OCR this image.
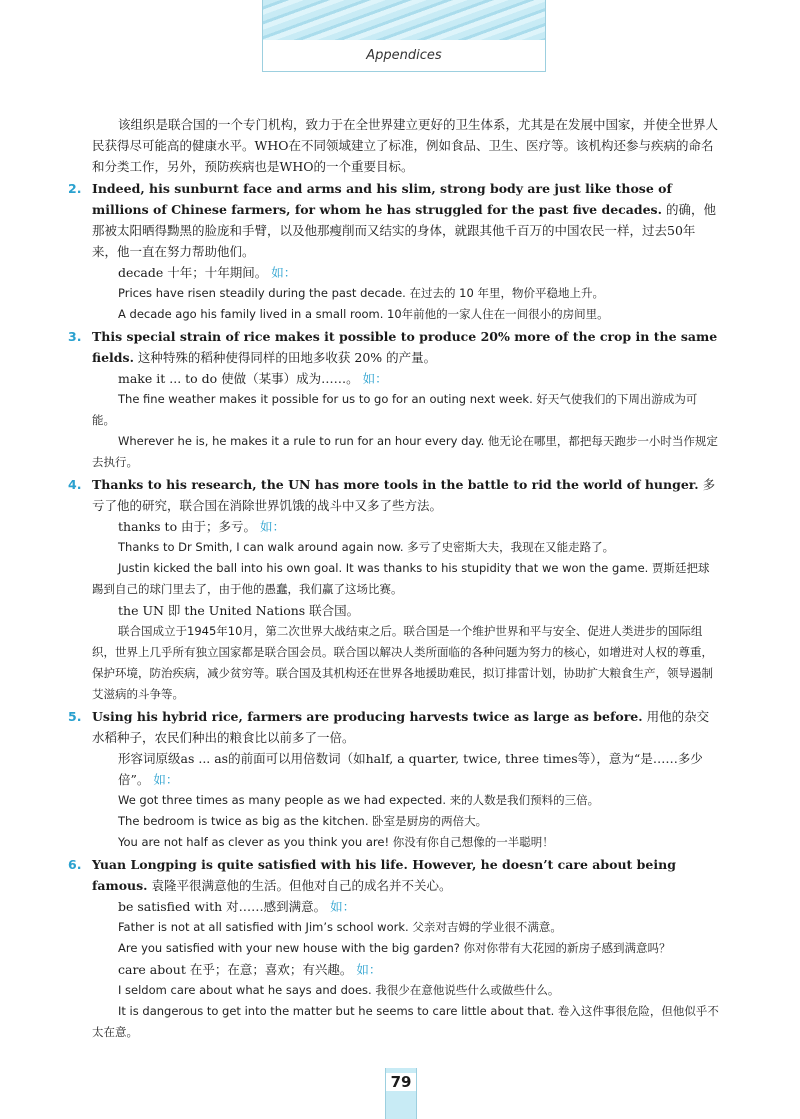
Appendices

该组织是联合国的一个专门机构，致力于在全世界建立更好的卫生体系，尤其是在发展中国家，并使全世界人民获得尽可能高的健康水平。WHO在不同领域建立了标准，例如食品、卫生、医疗等。该机构还参与疾病的命名和分类工作，另外，预防疾病也是WHO的一个重要目标。

2. Indeed, his sunburnt face and arms and his slim, strong body are just like those of millions of Chinese farmers, for whom he has struggled for the past five decades. 的确，他那被太阳晒得黝黑的脸庞和手臂，以及他那瘦削而又结实的身体，就跟其他千百万的中国农民一样，过去50年来，他一直在努力帮助他们。

decade 十年；十年期间。 如：

Prices have risen steadily during the past decade. 在过去的 10 年里，物价平稳地上升。

A decade ago his family lived in a small room. 10年前他的一家人住在一间很小的房间里。

3. This special strain of rice makes it possible to produce 20% more of the crop in the same fields. 这种特殊的稻种使得同样的田地多收获 20% 的产量。

make it ... to do 使做（某事）成为……。 如：

The fine weather makes it possible for us to go for an outing next week. 好天气使我们的下周出游成为可能。

Wherever he is, he makes it a rule to run for an hour every day. 他无论在哪里，都把每天跑步一小时当作规定去执行。

4. Thanks to his research, the UN has more tools in the battle to rid the world of hunger. 多亏了他的研究，联合国在消除世界饥饿的战斗中又多了些方法。

thanks to 由于；多亏。 如：

Thanks to Dr Smith, I can walk around again now. 多亏了史密斯大夫，我现在又能走路了。

Justin kicked the ball into his own goal. It was thanks to his stupidity that we won the game. 贾斯廷把球踢到自己的球门里去了，由于他的愚蠢，我们赢了这场比赛。

the UN 即 the United Nations 联合国。

联合国成立于1945年10月，第二次世界大战结束之后。联合国是一个维护世界和平与安全、促进人类进步的国际组织，世界上几乎所有独立国家都是联合国会员。联合国以解决人类所面临的各种问题为努力的核心，如增进对人权的尊重，保护环境，防治疾病，减少贫穷等。联合国及其机构还在世界各地援助难民，拟订排雷计划，协助扩大粮食生产，领导遏制艾滋病的斗争等。

5. Using his hybrid rice, farmers are producing harvests twice as large as before. 用他的杂交水稻种子，农民们种出的粮食比以前多了一倍。

形容词原级as ... as的前面可以用倍数词（如half, a quarter, twice, three times等），意为“是……多少倍”。 如：

We got three times as many people as we had expected. 来的人数是我们预料的三倍。

The bedroom is twice as big as the kitchen. 卧室是厨房的两倍大。

You are not half as clever as you think you are! 你没有你自己想像的一半聪明！

6. Yuan Longping is quite satisfied with his life. However, he doesn’t care about being famous. 袁隆平很满意他的生活。但他对自己的成名并不关心。

be satisfied with 对……感到满意。 如：

Father is not at all satisfied with Jim’s school work. 父亲对吉姆的学业很不满意。

Are you satisfied with your new house with the big garden? 你对你带有大花园的新房子感到满意吗？

care about 在乎；在意；喜欢；有兴趣。 如：

I seldom care about what he says and does. 我很少在意他说些什么或做些什么。

It is dangerous to get into the matter but he seems to care little about that. 卷入这件事很危险，但他似乎不太在意。

79
